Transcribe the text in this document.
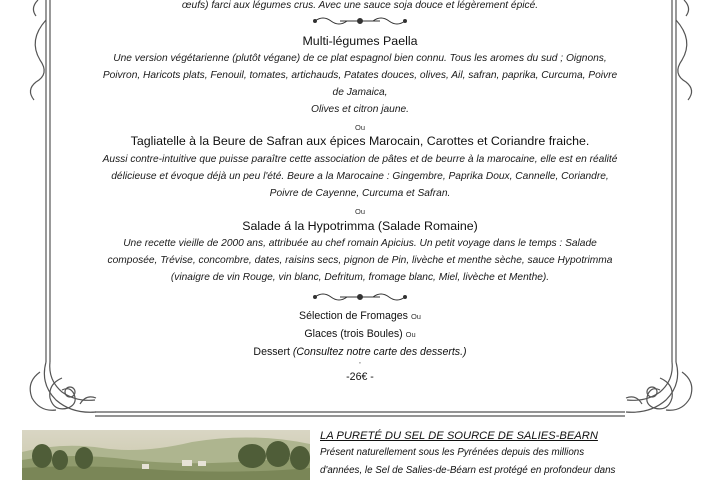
œufs) farci aux légumes crus. Avec une sauce soja douce et légèrement épicé.
Multi-légumes Paella
Une version végétarienne (plutôt végane) de ce plat espagnol bien connu. Tous les aromes du sud ; Oignons,
Poivron, Haricots plats, Fenouil, tomates, artichauds, Patates douces, olives, Ail, safran, paprika, Curcuma, Poivre
de Jamaica,
Olives et citron jaune.
Ou
Tagliatelle à la Beure de Safran aux épices Marocain, Carottes et Coriandre fraiche.
Aussi contre-intuitive que puisse paraître cette association de pâtes et de beurre à la marocaine, elle est en réalité
délicieuse et évoque déjà un peu l'été. Beure a la Marocaine : Gingembre, Paprika Doux, Cannelle, Coriandre,
Poivre de Cayenne, Curcuma et Safran.
Ou
Salade á la Hypotrimma (Salade Romaine)
Une recette vieille de 2000 ans, attribuée au chef romain Apicius. Un petit voyage dans le temps : Salade
composée, Trévise, concombre, dates, raisins secs, pignon de Pin, livèche et menthe sèche, sauce Hypotrimma
(vinaigre de vin Rouge, vin blanc, Defritum, fromage blanc, Miel, livèche et Menthe).
Sélection de Fromages Ou
Glaces (trois Boules) Ou
Dessert (Consultez notre carte des desserts.)
'
-26€ -
LA PURETÉ DU SEL DE SOURCE DE SALIES-BEARN
Présent naturellement sous les Pyrénées depuis des millions
d'années, le Sel de Salies-de-Béarn est protégé en profondeur dans
